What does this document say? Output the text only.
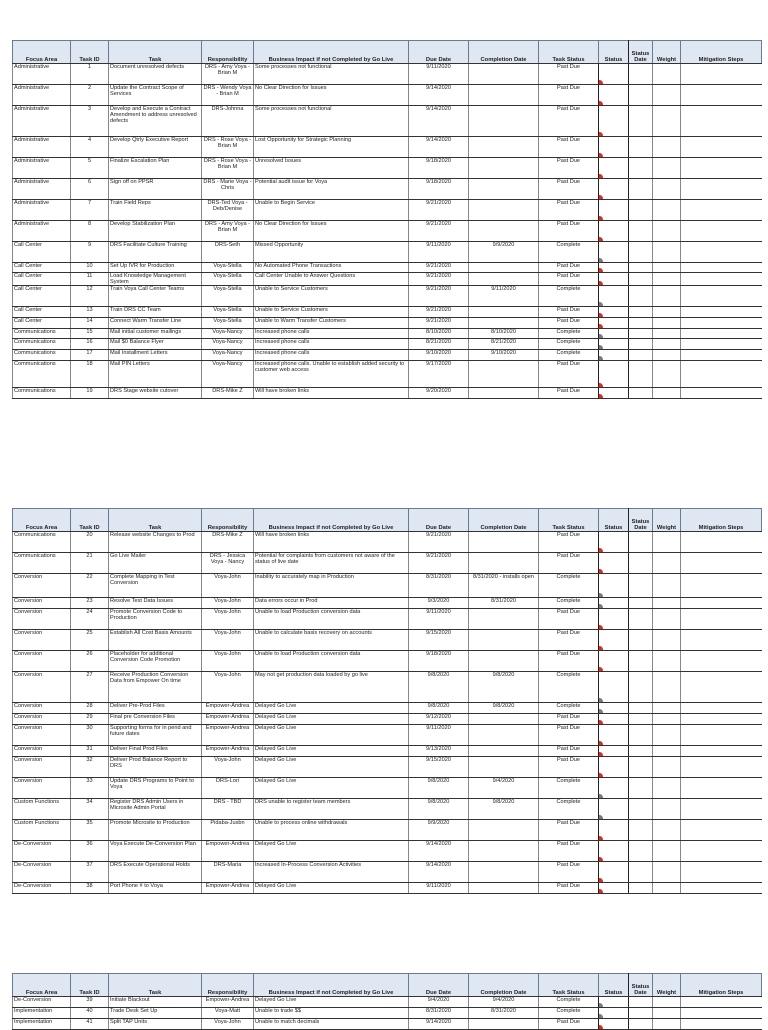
Focus Area	Task ID	Task	Responsibility	Business Impact if not Completed by Go Live	Due Date	Completion Date	Task Status	Status	Status Date	Weight	Mitigation Steps
Administrative	1	Document unresolved defects	DRS - Amy Voya - Brian M	Some processes not functional	9/11/2020		Past Due	

Administrative	2	Update the Contract Scope of Services	DRS - Wendy Voya - Brian M	No Clear Direction for Issues	9/14/2020		Past Due	

Administrative	3	Develop and Execute a Contract Amendment to address unresolved defects	DRS-Johnna	Some processes not functional	9/14/2020		Past Due	

Administrative	4	Develop Qtrly Executive Report	DRS - Rose Voya - Brian M	Lost Opportunity for Strategic Planning	9/14/2020		Past Due	

Administrative	5	Finalize Escalation Plan	DRS - Rose Voya - Brian M	Unresolved Issues	9/18/2020		Past Due	

Administrative	6	Sign off on PPSR	DRS - Marie Voya - Chris	Potential audit issue for Voya	9/18/2020		Past Due	

Administrative	7	Train Field Reps	DRS-Ted Voya - Deb/Denise	Unable to Begin Service	9/21/2020		Past Due	

Administrative	8	Develop Stabilization Plan	DRS - Amy Voya - Brian M	No Clear Direction for Issues	9/21/2020		Past Due	

Call Center	9	DRS Facilitate Culture Training	DRS-Seth	Missed Opportunity	9/11/2020	9/9/2020	Complete	

Call Center	10	Set Up IVR for Production	Voya-Stella	No Automated Phone Transactions	9/21/2020		Past Due	

Call Center	11	Load Knowledge Management System	Voya-Stella	Call Center Unable to Answer Questions	9/21/2020		Past Due	

Call Center	12	Train Voya Call Center Teams	Voya-Stella	Unable to Service Customers	9/21/2020	9/11/2020	Complete	

Call Center	13	Train DRS CC Team	Voya-Stella	Unable to Service Customers	9/21/2020		Past Due	

Call Center	14	Connect Warm Transfer Line	Voya-Stella	Unable to Warm Transfer Customers	9/21/2020		Past Due	

Communications	15	Mail initial customer mailings	Voya-Nancy	Increased phone calls	8/10/2020	8/10/2020	Complete	

Communications	16	Mail $0 Balance Flyer	Voya-Nancy	Increased phone calls	8/21/2020	8/21/2020	Complete	

Communications	17	Mail Installment Letters	Voya-Nancy	Increased phone calls	9/10/2020	9/10/2020	Complete	

Communications	18	Mail PIN Letters	Voya-Nancy	Increased phone calls. Unable to establish added security to customer web access	9/17/2020		Past Due	

Communications	19	DRS Stage website cutover	DRS-Mike Z	Will have broken links	9/20/2020		Past Due	

Focus Area	Task ID	Task	Responsibility	Business Impact if not Completed by Go Live	Due Date	Completion Date	Task Status	Status	Status Date	Weight	Mitigation Steps
Communications	20	Release website Changes to Prod	DRS-Mike Z	Will have broken links	9/21/2020		Past Due	

Communications	21	Go Live Mailer	DRS - Jessica Voya - Nancy	Potential for complaints from customers not aware of the status of live date	9/21/2020		Past Due	

Conversion	22	Complete Mapping in Test Conversion	Voya-John	Inability to accurately map in Production	8/31/2020	8/31/2020 - installs open	Complete	

Conversion	23	Resolve Test Data Issues	Voya-John	Data errors occur in Prod	9/3/2020	8/31/2020	Complete	

Conversion	24	Promote Conversion Code to Production	Voya-John	Unable to load Production conversion data	9/11/2020		Past Due	

Conversion	25	Establish All Cost Basis Amounts	Voya-John	Unable to calculate basis recovery on accounts	9/15/2020		Past Due	

Conversion	26	Placeholder for additional Conversion Code Promotion	Voya-John	Unable to load Production conversion data	9/18/2020		Past Due	

Conversion	27	Receive Production Conversion Data from Empower On time	Voya-John	May not get production data loaded by go live	9/8/2020	9/8/2020	Complete	

Conversion	28	Deliver Pre-Prod Files	Empower-Andrea	Delayed Go Live	9/8/2020	9/8/2020	Complete	

Conversion	29	Final pre Conversion Files	Empower-Andrea	Delayed Go Live	9/12/2020		Past Due	

Conversion	30	Supporting forms for in pend and future dates	Empower-Andrea	Delayed Go Live	9/11/2020		Past Due	

Conversion	31	Deliver Final Prod Files	Empower-Andrea	Delayed Go Live	9/13/2020		Past Due	

Conversion	32	Deliver Prod Balance Report to DRS	Voya-John	Delayed Go Live	9/15/2020		Past Due	

Conversion	33	Update DRS Programs to Point to Voya	DRS-Lori	Delayed Go Live	9/8/2020	9/4/2020	Complete	

Custom Functions	34	Register DRS Admin Users in Microsite Admin Portal	DRS - TBD	DRS unable to register team members	9/8/2020	9/8/2020	Complete	

Custom Functions	35	Promote Microsite to Production	Pidaba-Jusbn	Unable to process online withdrawals	9/9/2020		Past Due	

De-Conversion	36	Voya Execute De-Conversion Plan	Empower-Andrea	Delayed Go Live	9/14/2020		Past Due	

De-Conversion	37	DRS Execute Operational Holds	DRS-Maria	Increased In-Process Conversion Activities	9/14/2020		Past Due	

De-Conversion	38	Port Phone # to Voya	Empower-Andrea	Delayed Go Live	9/11/2020		Past Due	

Focus Area	Task ID	Task	Responsibility	Business Impact if not Completed by Go Live	Due Date	Completion Date	Task Status	Status	Status Date	Weight	Mitigation Steps
De-Conversion	39	Initiate Blackout	Empower-Andrea	Delayed Go Live	9/4/2020	9/4/2020	Complete	

Implementation	40	Trade Desk Set Up	Voya-Matt	Unable to trade $$	8/31/2020	8/31/2020	Complete	

Implementation	41	Split TAP Units	Voya-John	Unable to match decimals	9/14/2020		Past Due	
